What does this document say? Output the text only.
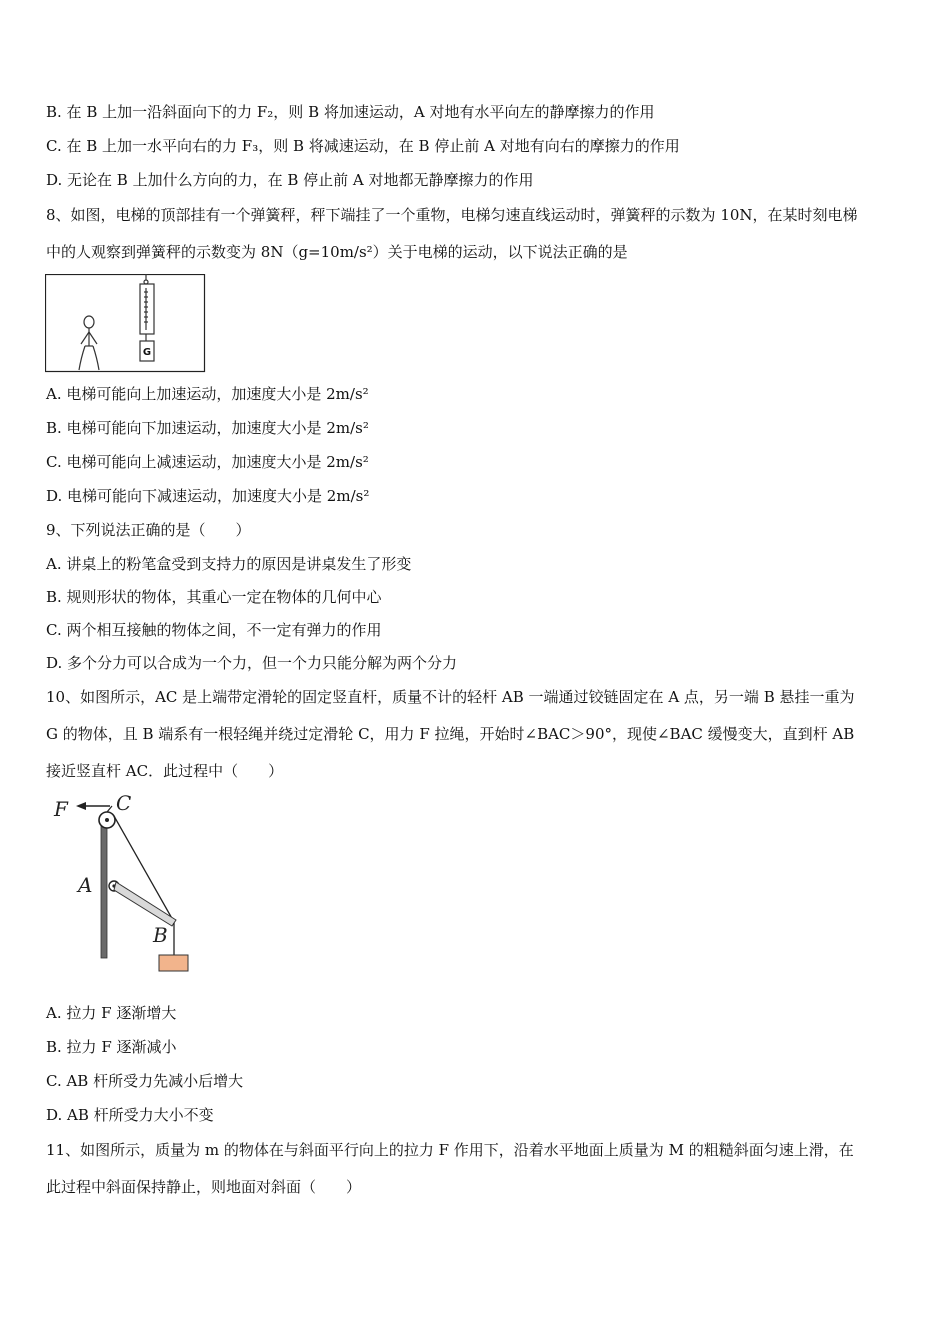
B. 在 B 上加一沿斜面向下的力 F₂，则 B 将加速运动，A 对地有水平向左的静摩擦力的作用
C. 在 B 上加一水平向右的力 F₃，则 B 将减速运动，在 B 停止前 A 对地有向右的摩擦力的作用
D. 无论在 B 上加什么方向的力，在 B 停止前 A 对地都无静摩擦力的作用
8、如图，电梯的顶部挂有一个弹簧秤，秤下端挂了一个重物，电梯匀速直线运动时，弹簧秤的示数为 10N，在某时刻电梯
中的人观察到弹簧秤的示数变为 8N（g=10m/s²）关于电梯的运动，以下说法正确的是
G
A. 电梯可能向上加速运动，加速度大小是 2m/s²
B. 电梯可能向下加速运动，加速度大小是 2m/s²
C. 电梯可能向上减速运动，加速度大小是 2m/s²
D. 电梯可能向下减速运动，加速度大小是 2m/s²
9、下列说法正确的是（　　）
A. 讲桌上的粉笔盒受到支持力的原因是讲桌发生了形变
B. 规则形状的物体，其重心一定在物体的几何中心
C. 两个相互接触的物体之间，不一定有弹力的作用
D. 多个分力可以合成为一个力，但一个力只能分解为两个分力
10、如图所示，AC 是上端带定滑轮的固定竖直杆，质量不计的轻杆 AB 一端通过铰链固定在 A 点，另一端 B 悬挂一重为
G 的物体，且 B 端系有一根轻绳并绕过定滑轮 C，用力 F 拉绳，开始时∠BAC＞90°，现使∠BAC 缓慢变大，直到杆 AB
接近竖直杆 AC．此过程中（　　）
F C
A
B
A. 拉力 F 逐渐增大
B. 拉力 F 逐渐减小
C. AB 杆所受力先减小后增大
D. AB 杆所受力大小不变
11、如图所示，质量为 m 的物体在与斜面平行向上的拉力 F 作用下，沿着水平地面上质量为 M 的粗糙斜面匀速上滑，在
此过程中斜面保持静止，则地面对斜面（　　）
